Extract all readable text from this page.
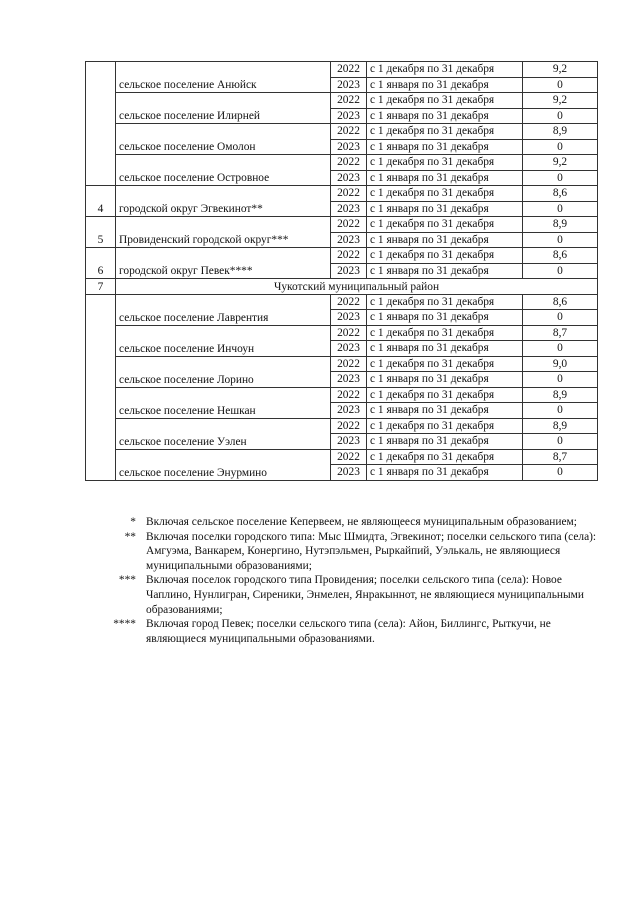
	сельское поселение Анюйск	2022	с 1 декабря по 31 декабря	9,2
		2023	с 1 января по 31 декабря	0
	сельское поселение Илирней	2022	с 1 декабря по 31 декабря	9,2
		2023	с 1 января по 31 декабря	0
	сельское поселение Омолон	2022	с 1 декабря по 31 декабря	8,9
		2023	с 1 января по 31 декабря	0
	сельское поселение Островное	2022	с 1 декабря по 31 декабря	9,2
		2023	с 1 января по 31 декабря	0
4	городской округ Эгвекинот**	2022	с 1 декабря по 31 декабря	8,6
		2023	с 1 января по 31 декабря	0
5	Провиденский городской округ***	2022	с 1 декабря по 31 декабря	8,9
		2023	с 1 января по 31 декабря	0
6	городской округ Певек****	2022	с 1 декабря по 31 декабря	8,6
		2023	с 1 января по 31 декабря	0
7	Чукотский муниципальный район			
	сельское поселение Лаврентия	2022	с 1 декабря по 31 декабря	8,6
		2023	с 1 января по 31 декабря	0
	сельское поселение Инчоун	2022	с 1 декабря по 31 декабря	8,7
		2023	с 1 января по 31 декабря	0
	сельское поселение Лорино	2022	с 1 декабря по 31 декабря	9,0
		2023	с 1 января по 31 декабря	0
	сельское поселение Нешкан	2022	с 1 декабря по 31 декабря	8,9
		2023	с 1 января по 31 декабря	0
	сельское поселение Уэлен	2022	с 1 декабря по 31 декабря	8,9
		2023	с 1 января по 31 декабря	0
	сельское поселение Энурмино	2022	с 1 декабря по 31 декабря	8,7
		2023	с 1 января по 31 декабря	0
* Включая сельское поселение Кепервеем, не являющееся муниципальным образованием;
** Включая поселки городского типа: Мыс Шмидта, Эгвекинот; поселки сельского типа (села): Амгуэма, Ванкарем, Конергино, Нутэпэльмен, Рыркайпий, Уэлькаль, не являющиеся муниципальными образованиями;
*** Включая поселок городского типа Провидения; поселки сельского типа (села): Новое Чаплино, Нунлигран, Сиреники, Энмелен, Янракыннот, не являющиеся муниципальными образованиями;
**** Включая город Певек; поселки сельского типа (села): Айон, Биллингс, Рыткучи, не являющиеся муниципальными образованиями.
